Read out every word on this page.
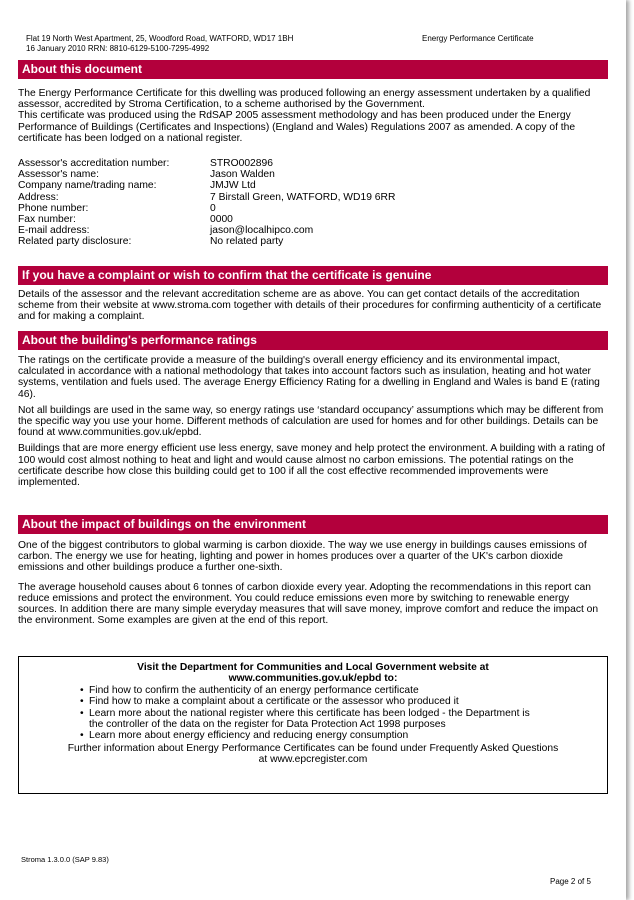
Flat 19 North West Apartment, 25, Woodford Road, WATFORD, WD17 1BH
16 January 2010 RRN: 8810-6129-5100-7295-4992
Energy Performance Certificate
About this document

The Energy Performance Certificate for this dwelling was produced following an energy assessment undertaken by a qualified assessor, accredited by Stroma Certification, to a scheme authorised by the Government.

This certificate was produced using the RdSAP 2005 assessment methodology and has been produced under the Energy Performance of Buildings (Certificates and Inspections) (England and Wales) Regulations 2007 as amended. A copy of the certificate has been lodged on a national register.

Assessor's accreditation number:	STRO002896
Assessor's name:	Jason Walden
Company name/trading name:	JMJW Ltd
Address:	7 Birstall Green, WATFORD, WD19 6RR
Phone number:	0
Fax number:	0000
E-mail address:	jason@localhipco.com
Related party disclosure:	No related party
If you have a complaint or wish to confirm that the certificate is genuine

Details of the assessor and the relevant accreditation scheme are as above. You can get contact details of the accreditation scheme from their website at www.stroma.com together with details of their procedures for confirming authenticity of a certificate and for making a complaint.

About the building's performance ratings

The ratings on the certificate provide a measure of the building's overall energy efficiency and its environmental impact, calculated in accordance with a national methodology that takes into account factors such as insulation, heating and hot water systems, ventilation and fuels used. The average Energy Efficiency Rating for a dwelling in England and Wales is band E (rating 46).

Not all buildings are used in the same way, so energy ratings use ‘standard occupancy’ assumptions which may be different from the specific way you use your home. Different methods of calculation are used for homes and for other buildings. Details can be found at www.communities.gov.uk/epbd.

Buildings that are more energy efficient use less energy, save money and help protect the environment. A building with a rating of 100 would cost almost nothing to heat and light and would cause almost no carbon emissions. The potential ratings on the certificate describe how close this building could get to 100 if all the cost effective recommended improvements were implemented.

About the impact of buildings on the environment

One of the biggest contributors to global warming is carbon dioxide. The way we use energy in buildings causes emissions of carbon. The energy we use for heating, lighting and power in homes produces over a quarter of the UK's carbon dioxide emissions and other buildings produce a further one-sixth.

The average household causes about 6 tonnes of carbon dioxide every year. Adopting the recommendations in this report can reduce emissions and protect the environment. You could reduce emissions even more by switching to renewable energy sources. In addition there are many simple everyday measures that will save money, improve comfort and reduce the impact on the environment. Some examples are given at the end of this report.

Visit the Department for Communities and Local Government website at
www.communities.gov.uk/epbd to:
• Find how to confirm the authenticity of an energy performance certificate
• Find how to make a complaint about a certificate or the assessor who produced it
• Learn more about the national register where this certificate has been lodged - the Department is
the controller of the data on the register for Data Protection Act 1998 purposes
• Learn more about energy efficiency and reducing energy consumption
Further information about Energy Performance Certificates can be found under Frequently Asked Questions
at www.epcregister.com
Stroma 1.3.0.0 (SAP 9.83)
Page 2 of 5
